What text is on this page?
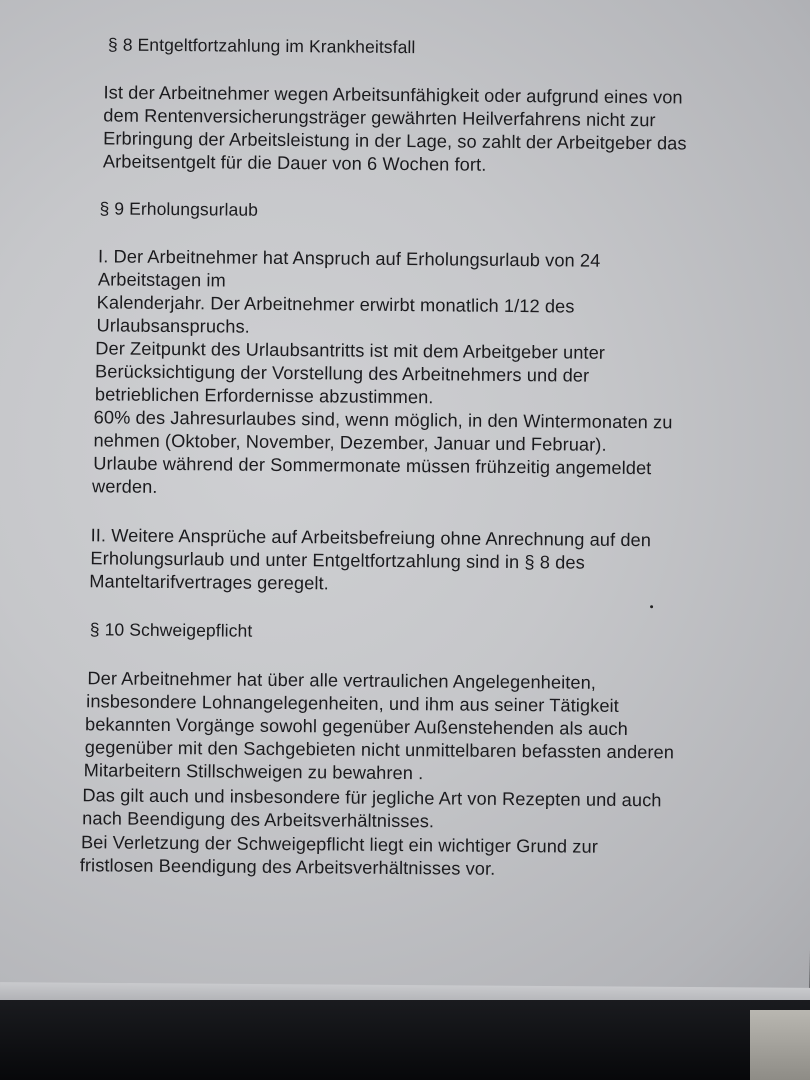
§ 8 Entgeltfortzahlung im Krankheitsfall
Ist der Arbeitnehmer wegen Arbeitsunfähigkeit oder aufgrund eines von
dem Rentenversicherungsträger gewährten Heilverfahrens nicht zur
Erbringung der Arbeitsleistung in der Lage, so zahlt der Arbeitgeber das
Arbeitsentgelt für die Dauer von 6 Wochen fort.
§ 9 Erholungsurlaub
I. Der Arbeitnehmer hat Anspruch auf Erholungsurlaub von 24
Arbeitstagen im
Kalenderjahr. Der Arbeitnehmer erwirbt monatlich 1/12 des
Urlaubsanspruchs.
Der Zeitpunkt des Urlaubsantritts ist mit dem Arbeitgeber unter
Berücksichtigung der Vorstellung des Arbeitnehmers und der
betrieblichen Erfordernisse abzustimmen.
60% des Jahresurlaubes sind, wenn möglich, in den Wintermonaten zu
nehmen (Oktober, November, Dezember, Januar und Februar).
Urlaube während der Sommermonate müssen frühzeitig angemeldet
werden.
II. Weitere Ansprüche auf Arbeitsbefreiung ohne Anrechnung auf den
Erholungsurlaub und unter Entgeltfortzahlung sind in § 8 des
Manteltarifvertrages geregelt.
§ 10 Schweigepflicht
Der Arbeitnehmer hat über alle vertraulichen Angelegenheiten,
insbesondere Lohnangelegenheiten, und ihm aus seiner Tätigkeit
bekannten Vorgänge sowohl gegenüber Außenstehenden als auch
gegenüber mit den Sachgebieten nicht unmittelbaren befassten anderen
Mitarbeitern Stillschweigen zu bewahren .
Das gilt auch und insbesondere für jegliche Art von Rezepten und auch
nach Beendigung des Arbeitsverhältnisses.
Bei Verletzung der Schweigepflicht liegt ein wichtiger Grund zur
fristlosen Beendigung des Arbeitsverhältnisses vor.
